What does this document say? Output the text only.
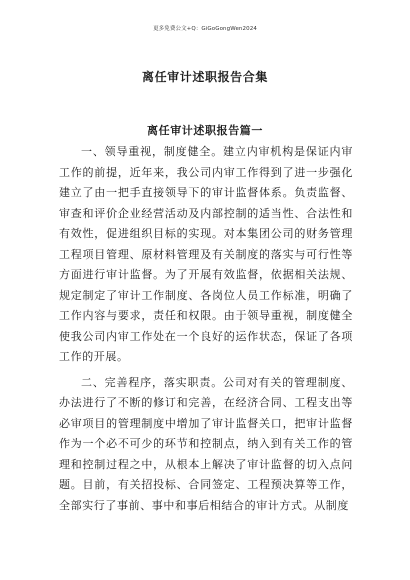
更多免费公文+Q：GiGoGongWen2024
离任审计述职报告合集
离任审计述职报告篇一

一、领导重视，制度健全。建立内审机构是保证内审工作的前提，近年来，我公司内审工作得到了进一步强化建立了由一把手直接领导下的审计监督体系。负责监督、审查和评价企业经营活动及内部控制的适当性、合法性和有效性，促进组织目标的实现。对本集团公司的财务管理工程项目管理、原材料管理及有关制度的落实与可行性等方面进行审计监督。为了开展有效监督，依据相关法规、规定制定了审计工作制度、各岗位人员工作标准，明确了工作内容与要求，责任和权限。由于领导重视，制度健全使我公司内审工作处在一个良好的运作状态，保证了各项工作的开展。

二、完善程序，落实职责。公司对有关的管理制度、办法进行了不断的修订和完善，在经济合同、工程支出等必审项目的管理制度中增加了审计监督关口，把审计监督作为一个必不可少的环节和控制点，纳入到有关工作的管理和控制过程之中，从根本上解决了审计监督的切入点问题。目前，有关招投标、合同签定、工程预决算等工作，全部实行了事前、事中和事后相结合的审计方式。从制度
